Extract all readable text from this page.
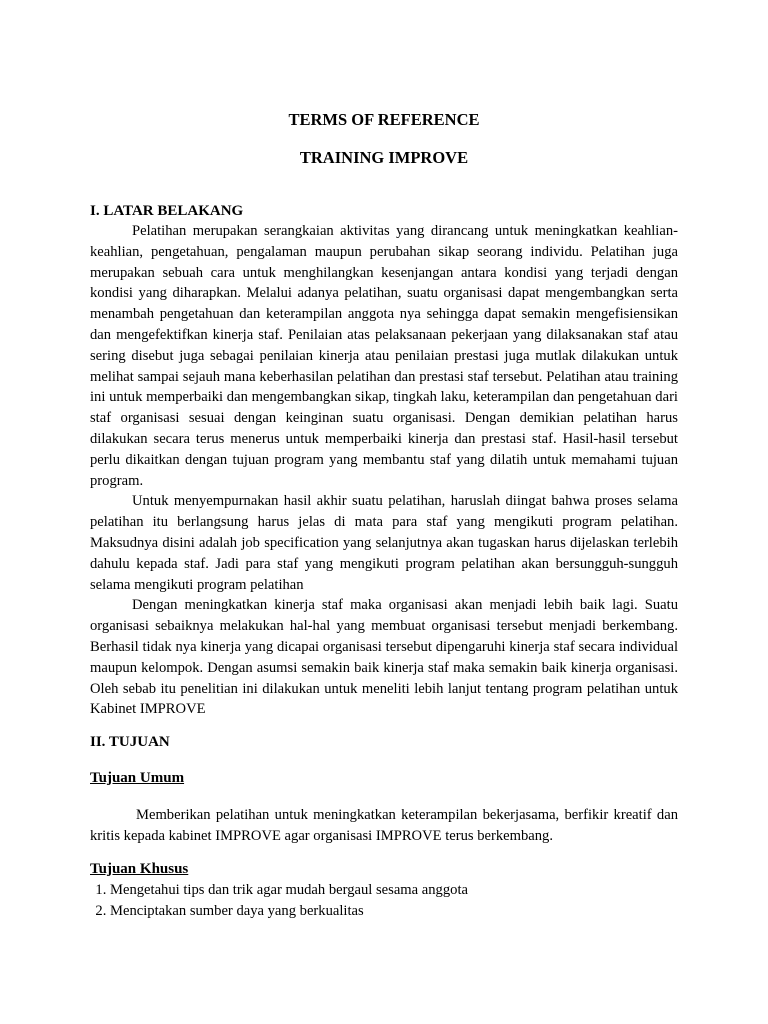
TERMS OF REFERENCE
TRAINING IMPROVE
I. LATAR BELAKANG

Pelatihan merupakan serangkaian aktivitas yang dirancang untuk meningkatkan keahlian-keahlian, pengetahuan, pengalaman maupun perubahan sikap seorang individu. Pelatihan juga merupakan sebuah cara untuk menghilangkan kesenjangan antara kondisi yang terjadi dengan kondisi yang diharapkan. Melalui adanya pelatihan, suatu organisasi dapat mengembangkan serta menambah pengetahuan dan keterampilan anggota nya sehingga dapat semakin mengefisiensikan dan mengefektifkan kinerja staf. Penilaian atas pelaksanaan pekerjaan yang dilaksanakan staf atau sering disebut juga sebagai penilaian kinerja atau penilaian prestasi juga mutlak dilakukan untuk melihat sampai sejauh mana keberhasilan pelatihan dan prestasi staf tersebut. Pelatihan atau training ini untuk memperbaiki dan mengembangkan sikap, tingkah laku, keterampilan dan pengetahuan dari staf organisasi sesuai dengan keinginan suatu organisasi. Dengan demikian pelatihan harus dilakukan secara terus menerus untuk memperbaiki kinerja dan prestasi staf. Hasil-hasil tersebut perlu dikaitkan dengan tujuan program yang membantu staf yang dilatih untuk memahami tujuan program.

Untuk menyempurnakan hasil akhir suatu pelatihan, haruslah diingat bahwa proses selama pelatihan itu berlangsung harus jelas di mata para staf yang mengikuti program pelatihan. Maksudnya disini adalah job specification yang selanjutnya akan tugaskan harus dijelaskan terlebih dahulu kepada staf. Jadi para staf yang mengikuti program pelatihan akan bersungguh-sungguh selama mengikuti program pelatihan

Dengan meningkatkan kinerja staf maka organisasi akan menjadi lebih baik lagi. Suatu organisasi sebaiknya melakukan hal-hal yang membuat organisasi tersebut menjadi berkembang. Berhasil tidak nya kinerja yang dicapai organisasi tersebut dipengaruhi kinerja staf secara individual maupun kelompok. Dengan asumsi semakin baik kinerja staf maka semakin baik kinerja organisasi. Oleh sebab itu penelitian ini dilakukan untuk meneliti lebih lanjut tentang program pelatihan untuk Kabinet IMPROVE

II. TUJUAN
Tujuan Umum

Memberikan pelatihan untuk meningkatkan keterampilan bekerjasama, berfikir kreatif dan kritis kepada kabinet IMPROVE agar organisasi IMPROVE terus berkembang.

Tujuan Khusus
1. Mengetahui tips dan trik agar mudah bergaul sesama anggota
2. Menciptakan sumber daya yang berkualitas
